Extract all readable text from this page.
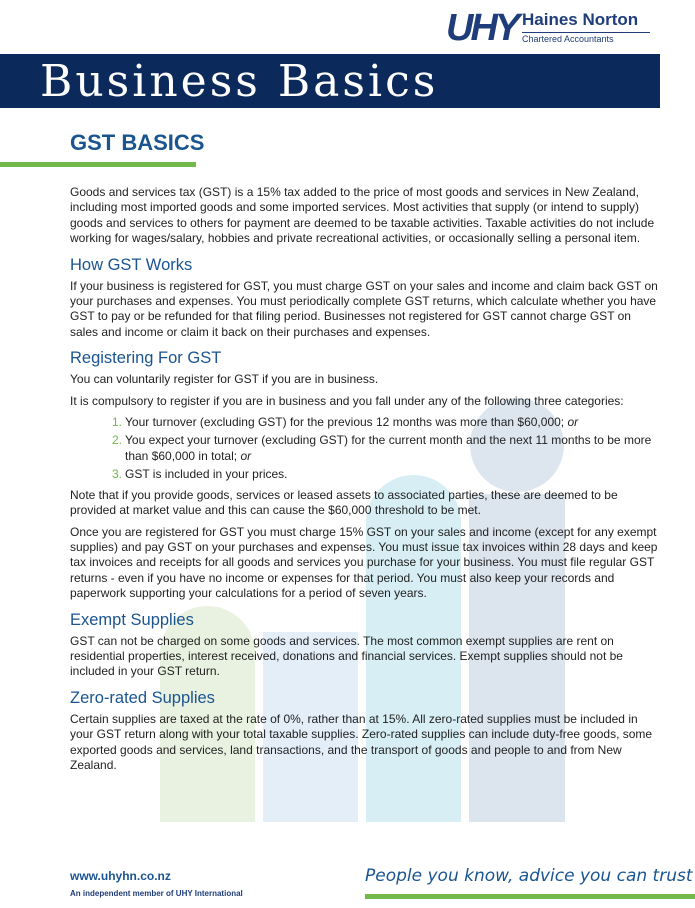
UHY Haines Norton
Chartered Accountants
Business Basics
GST BASICS

Goods and services tax (GST) is a 15% tax added to the price of most goods and services in New Zealand, including most imported goods and some imported services. Most activities that supply (or intend to supply) goods and services to others for payment are deemed to be taxable activities. Taxable activities do not include working for wages/salary, hobbies and private recreational activities, or occasionally selling a personal item.

How GST Works

If your business is registered for GST, you must charge GST on your sales and income and claim back GST on your purchases and expenses. You must periodically complete GST returns, which calculate whether you have GST to pay or be refunded for that filing period. Businesses not registered for GST cannot charge GST on sales and income or claim it back on their purchases and expenses.

Registering For GST

You can voluntarily register for GST if you are in business.

It is compulsory to register if you are in business and you fall under any of the following three categories:

1. Your turnover (excluding GST) for the previous 12 months was more than $60,000; or
2. You expect your turnover (excluding GST) for the current month and the next 11 months to be more than $60,000 in total; or
3. GST is included in your prices.

Note that if you provide goods, services or leased assets to associated parties, these are deemed to be provided at market value and this can cause the $60,000 threshold to be met.

Once you are registered for GST you must charge 15% GST on your sales and income (except for any exempt supplies) and pay GST on your purchases and expenses. You must issue tax invoices within 28 days and keep tax invoices and receipts for all goods and services you purchase for your business. You must file regular GST returns - even if you have no income or expenses for that period. You must also keep your records and paperwork supporting your calculations for a period of seven years.

Exempt Supplies

GST can not be charged on some goods and services. The most common exempt supplies are rent on residential properties, interest received, donations and financial services. Exempt supplies should not be included in your GST return.

Zero-rated Supplies

Certain supplies are taxed at the rate of 0%, rather than at 15%. All zero-rated supplies must be included in your GST return along with your total taxable supplies. Zero-rated supplies can include duty-free goods, some exported goods and services, land transactions, and the transport of goods and people to and from New Zealand.

www.uhyhn.co.nz
An independent member of UHY International
People you know, advice you can trust
